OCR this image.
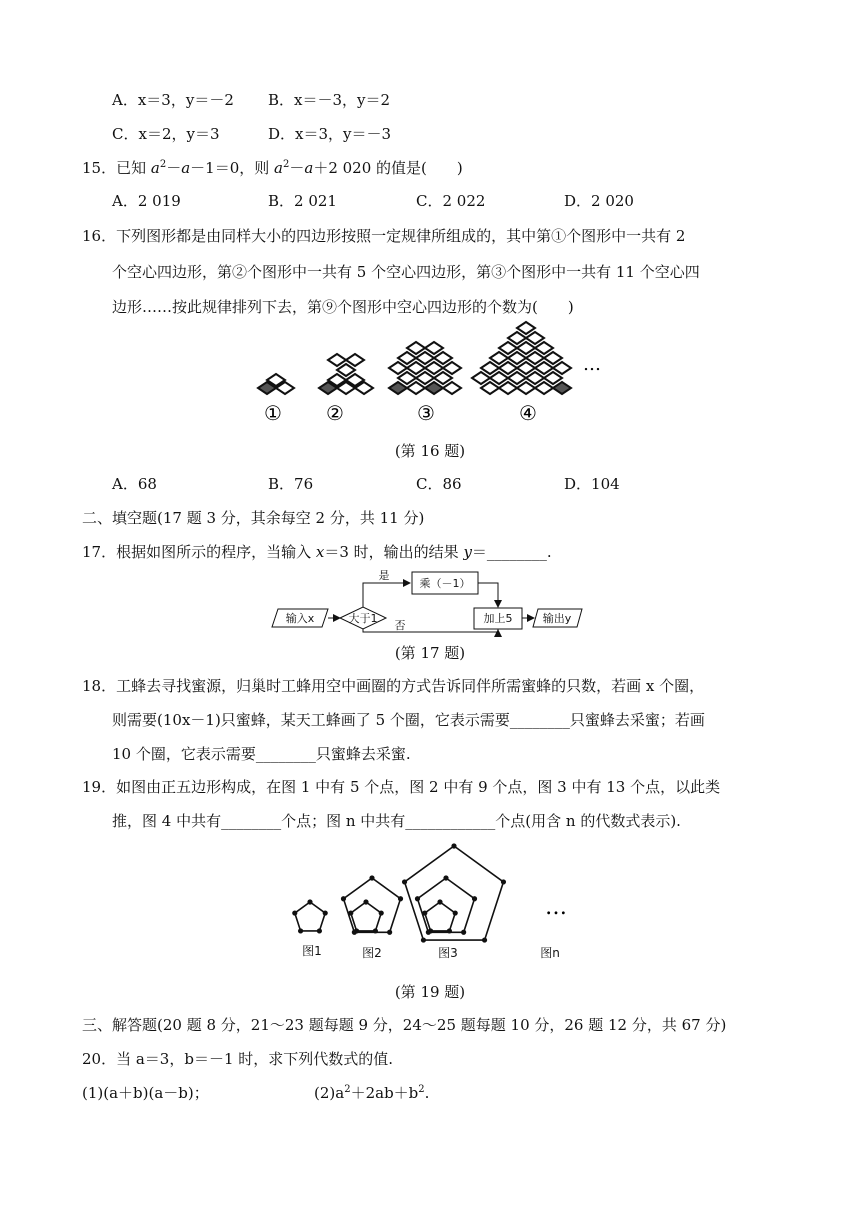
A．x＝3，y＝－2 B．x＝－3，y＝2
C．x＝2，y＝3	D．x＝3，y＝－3
15．已知 $a^2-a-1=0$，则 $a^2-a+2$ 020 的值是(　　)
A．2 019	B．2 021	C．2 022	D．2 020
16．下列图形都是由同样大小的四边形按照一定规律所组成的，其中第①个图形中一共有 2
个空心四边形，第②个图形中一共有 5 个空心四边形，第③个图形中一共有 11 个空心四
边形……按此规律排列下去，第⑨个图形中空心四边形的个数为(　　)
① ②	③	④
…
(第 16 题)
A．68	B．76	C．86	D．104
二、填空题(17 题 3 分，其余每空 2 分，共 11 分)
17．根据如图所示的程序，当输入 x＝3 时，输出的结果 y＝________.
输入x	大于1
是
否
乘（－1）
加上5	输出y
(第 17 题)
18．工蜂去寻找蜜源，归巢时工蜂用空中画圈的方式告诉同伴所需蜜蜂的只数，若画 x 个圈，
则需要(10x－1)只蜜蜂，某天工蜂画了 5 个圈，它表示需要________只蜜蜂去采蜜；若画
10 个圈，它表示需要________只蜜蜂去采蜜.
19．如图由正五边形构成，在图 1 中有 5 个点，图 2 中有 9 个点，图 3 中有 13 个点，以此类
推，图 4 中共有________个点；图 n 中共有____________个点(用含 n 的代数式表示).
图1	图2	图3	图n
…
(第 19 题)
三、解答题(20 题 8 分，21～23 题每题 9 分，24～25 题每题 10 分，26 题 12 分，共 67 分)
20．当 a＝3，b＝－1 时，求下列代数式的值.
(1)(a＋b)(a－b)；	$(2)a^2+2ab+b^2$.
